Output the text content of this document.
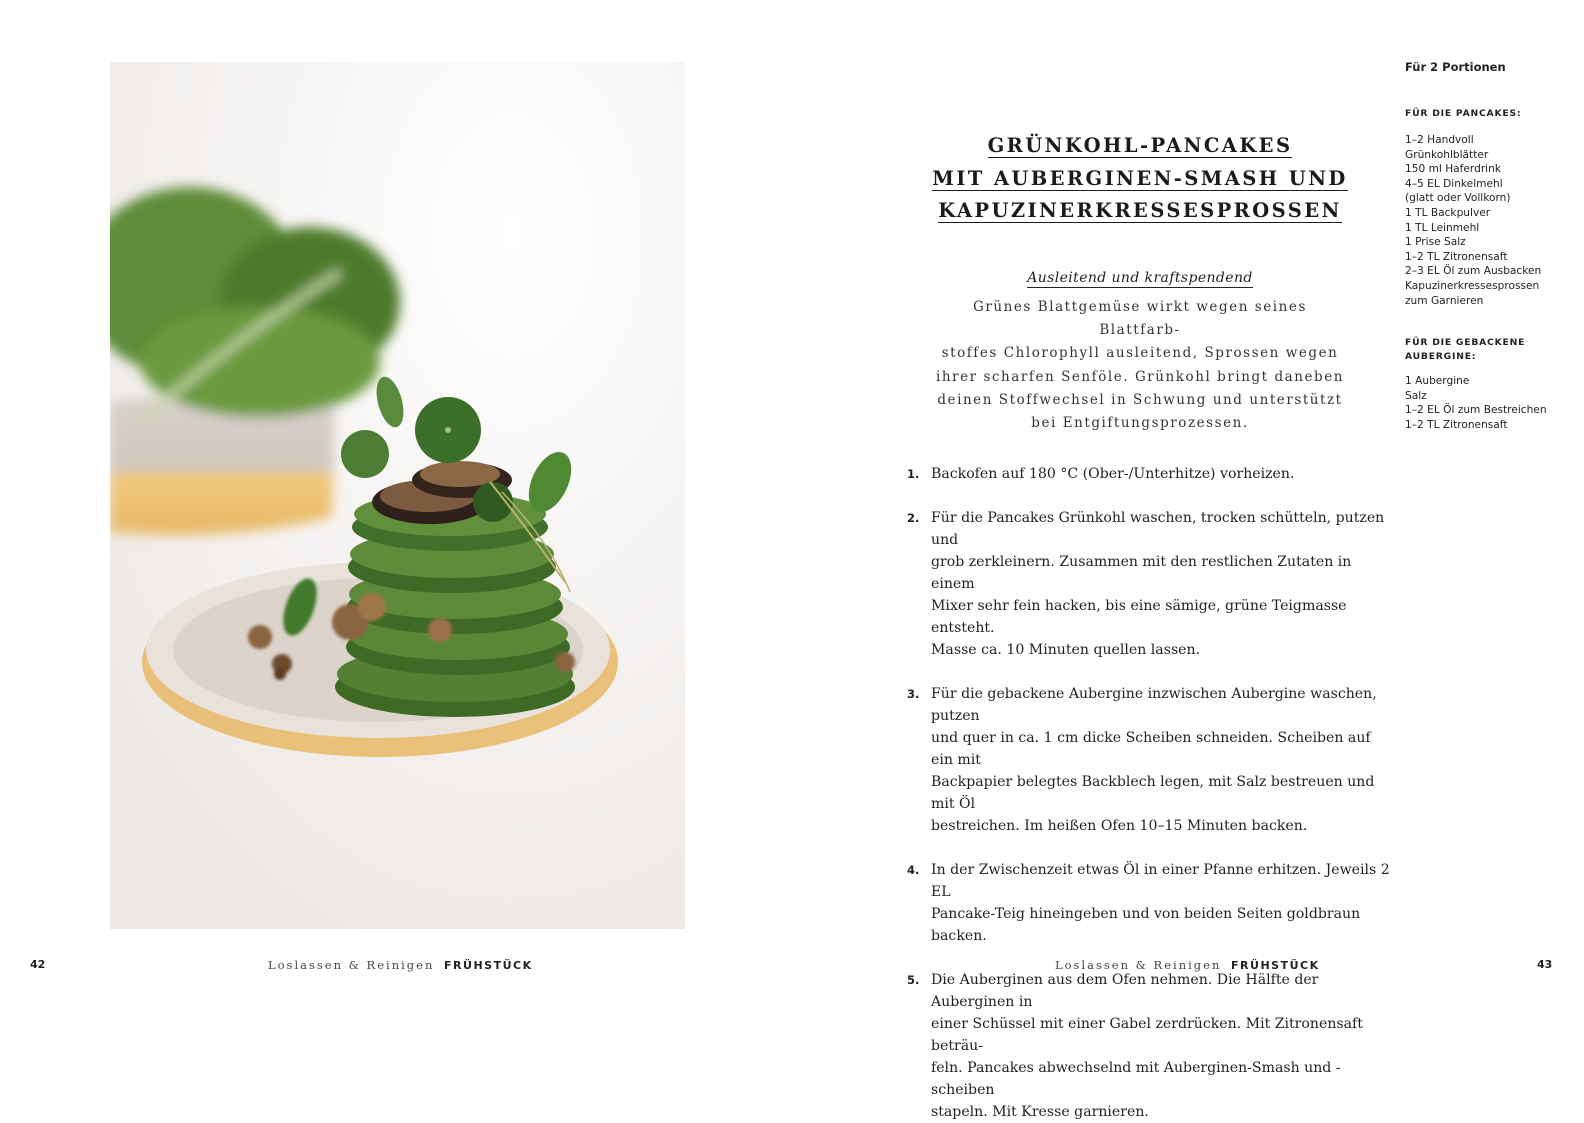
Loslassen & Reinigen FRÜHSTÜCK
42
GRÜNKOHL-PANCAKES
MIT AUBERGINEN-SMASH UND
KAPUZINERKRESSESPROSSEN
Ausleitend und kraftspendend

Grünes Blattgemüse wirkt wegen seines Blattfarb-
stoffes Chlorophyll ausleitend, Sprossen wegen
ihrer scharfen Senföle. Grünkohl bringt daneben
deinen Stoffwechsel in Schwung und unterstützt
bei Entgiftungsprozessen.

1. Backofen auf 180 °C (Ober-/Unterhitze) vorheizen.
2. Für die Pancakes Grünkohl waschen, trocken schütteln, putzen und
grob zerkleinern. Zusammen mit den restlichen Zutaten in einem
Mixer sehr fein hacken, bis eine sämige, grüne Teigmasse entsteht.
Masse ca. 10 Minuten quellen lassen.
3. Für die gebackene Aubergine inzwischen Aubergine waschen, putzen
und quer in ca. 1 cm dicke Scheiben schneiden. Scheiben auf ein mit
Backpapier belegtes Backblech legen, mit Salz bestreuen und mit Öl
bestreichen. Im heißen Ofen 10–15 Minuten backen.
4. In der Zwischenzeit etwas Öl in einer Pfanne erhitzen. Jeweils 2 EL
Pancake-Teig hineingeben und von beiden Seiten goldbraun backen.
5. Die Auberginen aus dem Ofen nehmen. Die Hälfte der Auberginen in
einer Schüssel mit einer Gabel zerdrücken. Mit Zitronensaft beträu-
feln. Pancakes abwechselnd mit Auberginen-Smash und -scheiben
stapeln. Mit Kresse garnieren.
Für 2 Portionen

FÜR DIE PANCAKES:

1–2 Handvoll
Grünkohlblätter
150 ml Haferdrink
4–5 EL Dinkelmehl
(glatt oder Vollkorn)
1 TL Backpulver
1 TL Leinmehl
1 Prise Salz
1–2 TL Zitronensaft
2–3 EL Öl zum Ausbacken
Kapuzinerkressesprossen
zum Garnieren

FÜR DIE GEBACKENE
AUBERGINE:

1 Aubergine
Salz
1–2 EL Öl zum Bestreichen
1–2 TL Zitronensaft
Loslassen & Reinigen FRÜHSTÜCK	43
